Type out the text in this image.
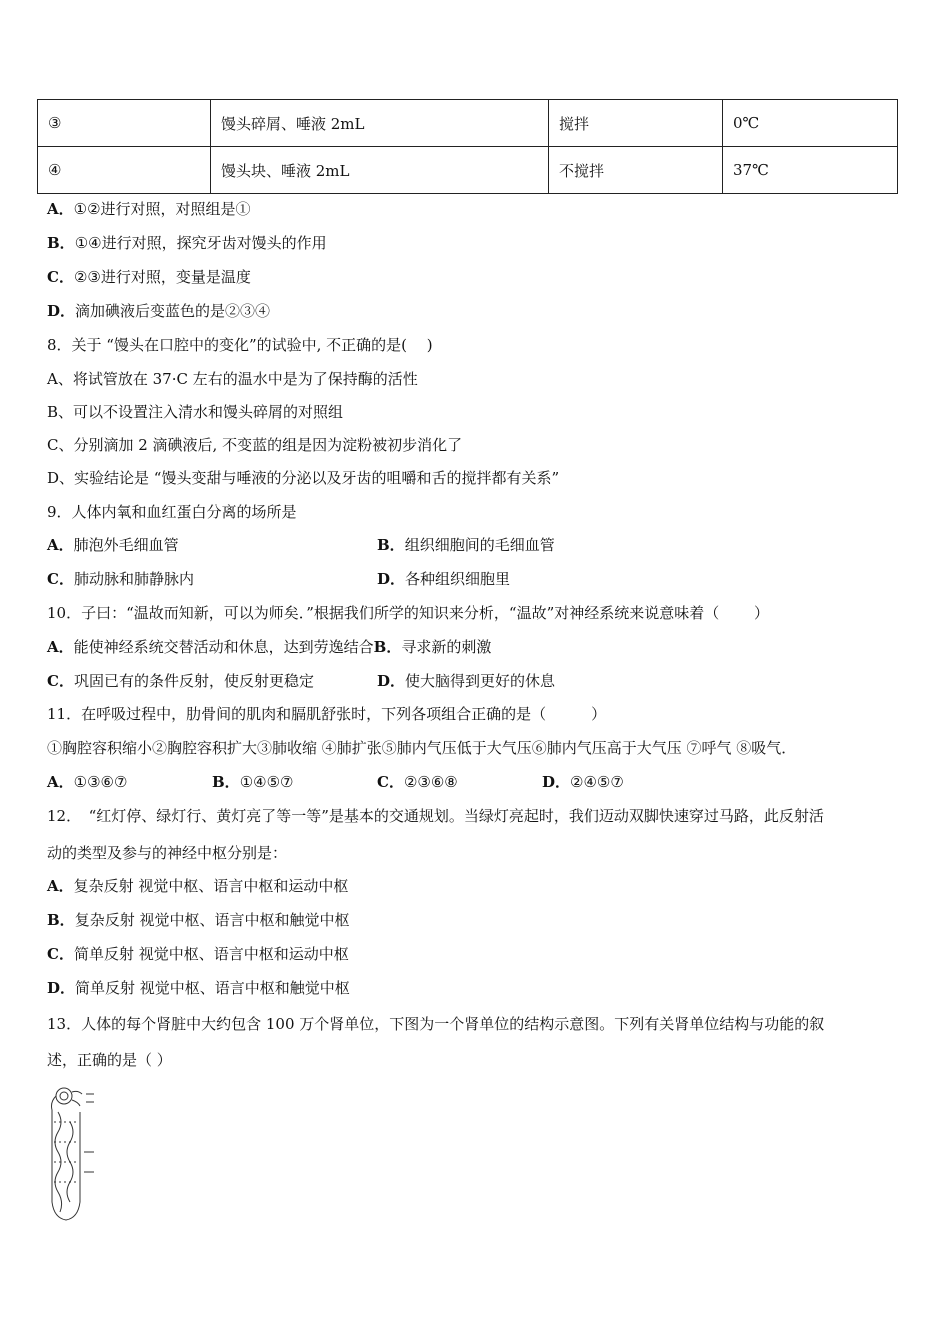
③	馒头碎屑、唾液 2mL	搅拌	0℃
④	馒头块、唾液 2mL	不搅拌	37℃
A．①②进行对照，对照组是①
B．①④进行对照，探究牙齿对馒头的作用
C．②③进行对照，变量是温度
D．滴加碘液后变蓝色的是②③④
8．关于 “馒头在口腔中的变化”的试验中, 不正确的是(　 )
A、将试管放在 37·C 左右的温水中是为了保持酶的活性
B、可以不设置注入清水和馒头碎屑的对照组
C、分别滴加 2 滴碘液后, 不变蓝的组是因为淀粉被初步消化了
D、实验结论是 “馒头变甜与唾液的分泌以及牙齿的咀嚼和舌的搅拌都有关系”
9．人体内氧和血红蛋白分离的场所是
A．肺泡外毛细血管	B．组织细胞间的毛细血管
C．肺动脉和肺静脉内	D．各种组织细胞里
10．子曰：“温故而知新，可以为师矣．”根据我们所学的知识来分析，“温故”对神经系统来说意味着（　　 ）
A．能使神经系统交替活动和休息，达到劳逸结合B．寻求新的刺激
C．巩固已有的条件反射，使反射更稳定	D．使大脑得到更好的休息
11．在呼吸过程中，肋骨间的肌肉和膈肌舒张时，下列各项组合正确的是（　　　）
①胸腔容积缩小②胸腔容积扩大③肺收缩 ④肺扩张⑤肺内气压低于大气压⑥肺内气压高于大气压 ⑦呼气 ⑧吸气．
A．①③⑥⑦	B．①④⑤⑦	C．②③⑥⑧	D．②④⑤⑦
12．　“红灯停、绿灯行、黄灯亮了等一等”是基本的交通规划。当绿灯亮起时，我们迈动双脚快速穿过马路，此反射活
动的类型及参与的神经中枢分别是：
A．复杂反射 视觉中枢、语言中枢和运动中枢
B．复杂反射 视觉中枢、语言中枢和触觉中枢
C．简单反射 视觉中枢、语言中枢和运动中枢
D．简单反射 视觉中枢、语言中枢和触觉中枢
13．人体的每个肾脏中大约包含 100 万个肾单位，下图为一个肾单位的结构示意图。下列有关肾单位结构与功能的叙
述，正确的是（ ）
